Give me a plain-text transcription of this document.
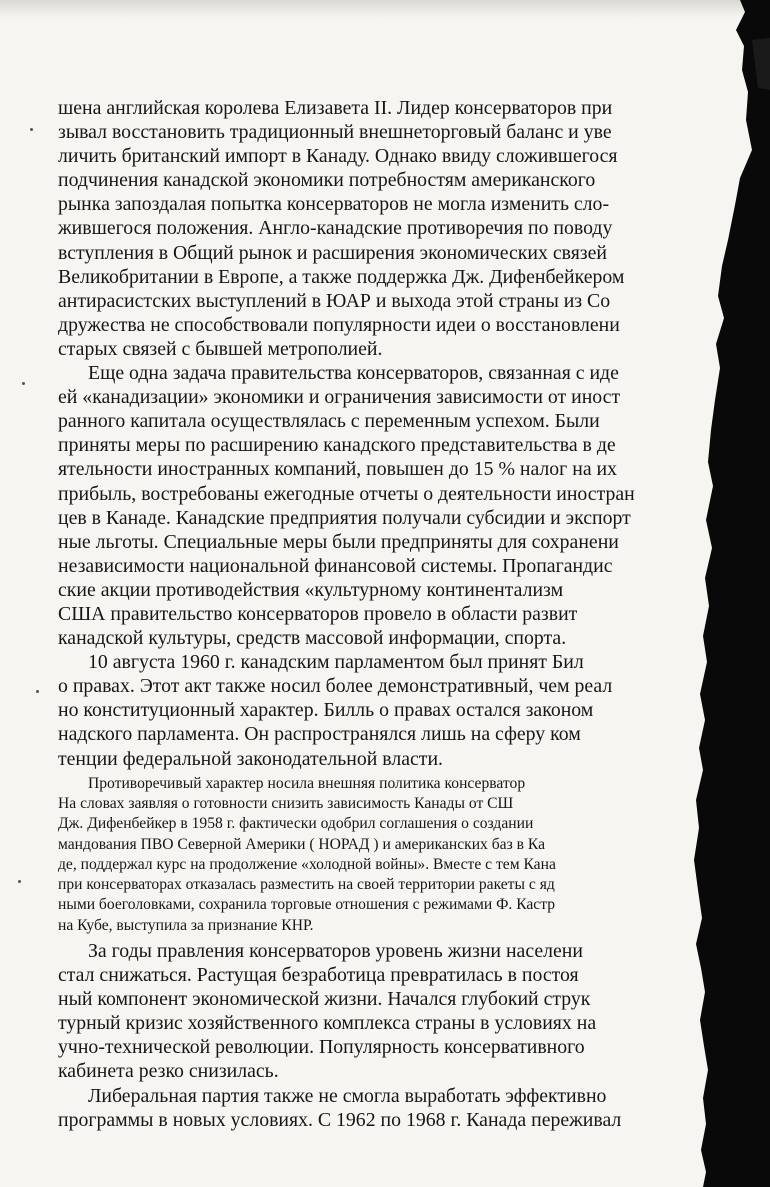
шена английская королева Елизавета II. Лидер консерваторов при
зывал восстановить традиционный внешнеторговый баланс и уве
личить британский импорт в Канаду. Однако ввиду сложившегося
подчинения канадской экономики потребностям американского
рынка запоздалая попытка консерваторов не могла изменить сло-
жившегося положения. Англо-канадские противоречия по поводу
вступления в Общий рынок и расширения экономических связей
Великобритании в Европе, а также поддержка Дж. Дифенбейкером
антирасистских выступлений в ЮАР и выхода этой страны из Со
дружества не способствовали популярности идеи о восстановлени
старых связей с бывшей метрополией.

Еще одна задача правительства консерваторов, связанная с иде
ей «канадизации» экономики и ограничения зависимости от иност
ранного капитала осуществлялась с переменным успехом. Были
приняты меры по расширению канадского представительства в де
ятельности иностранных компаний, повышен до 15 % налог на их
прибыль, востребованы ежегодные отчеты о деятельности иностран
цев в Канаде. Канадские предприятия получали субсидии и экспорт
ные льготы. Специальные меры были предприняты для сохранени
независимости национальной финансовой системы. Пропагандис
ские акции противодействия «культурному континентализм
США правительство консерваторов провело в области развит
канадской культуры, средств массовой информации, спорта.

10 августа 1960 г. канадским парламентом был принят Бил
о правах. Этот акт также носил более демонстративный, чем реал
но конституционный характер. Билль о правах остался законом
надского парламента. Он распространялся лишь на сферу ком
тенции федеральной законодательной власти.

Противоречивый характер носила внешняя политика консерватор
На словах заявляя о готовности снизить зависимость Канады от СШ
Дж. Дифенбейкер в 1958 г. фактически одобрил соглашения о создании
мандования ПВО Северной Америки ( НОРАД ) и американских баз в Ка
де, поддержал курс на продолжение «холодной войны». Вместе с тем Кана
при консерваторах отказалась разместить на своей территории ракеты с яд
ными боеголовками, сохранила торговые отношения с режимами Ф. Кастр
на Кубе, выступила за признание КНР.

За годы правления консерваторов уровень жизни населени
стал снижаться. Растущая безработица превратилась в постоя
ный компонент экономической жизни. Начался глубокий струк
турный кризис хозяйственного комплекса страны в условиях на
учно-технической революции. Популярность консервативного
кабинета резко снизилась.

Либеральная партия также не смогла выработать эффективно
программы в новых условиях. С 1962 по 1968 г. Канада переживал
